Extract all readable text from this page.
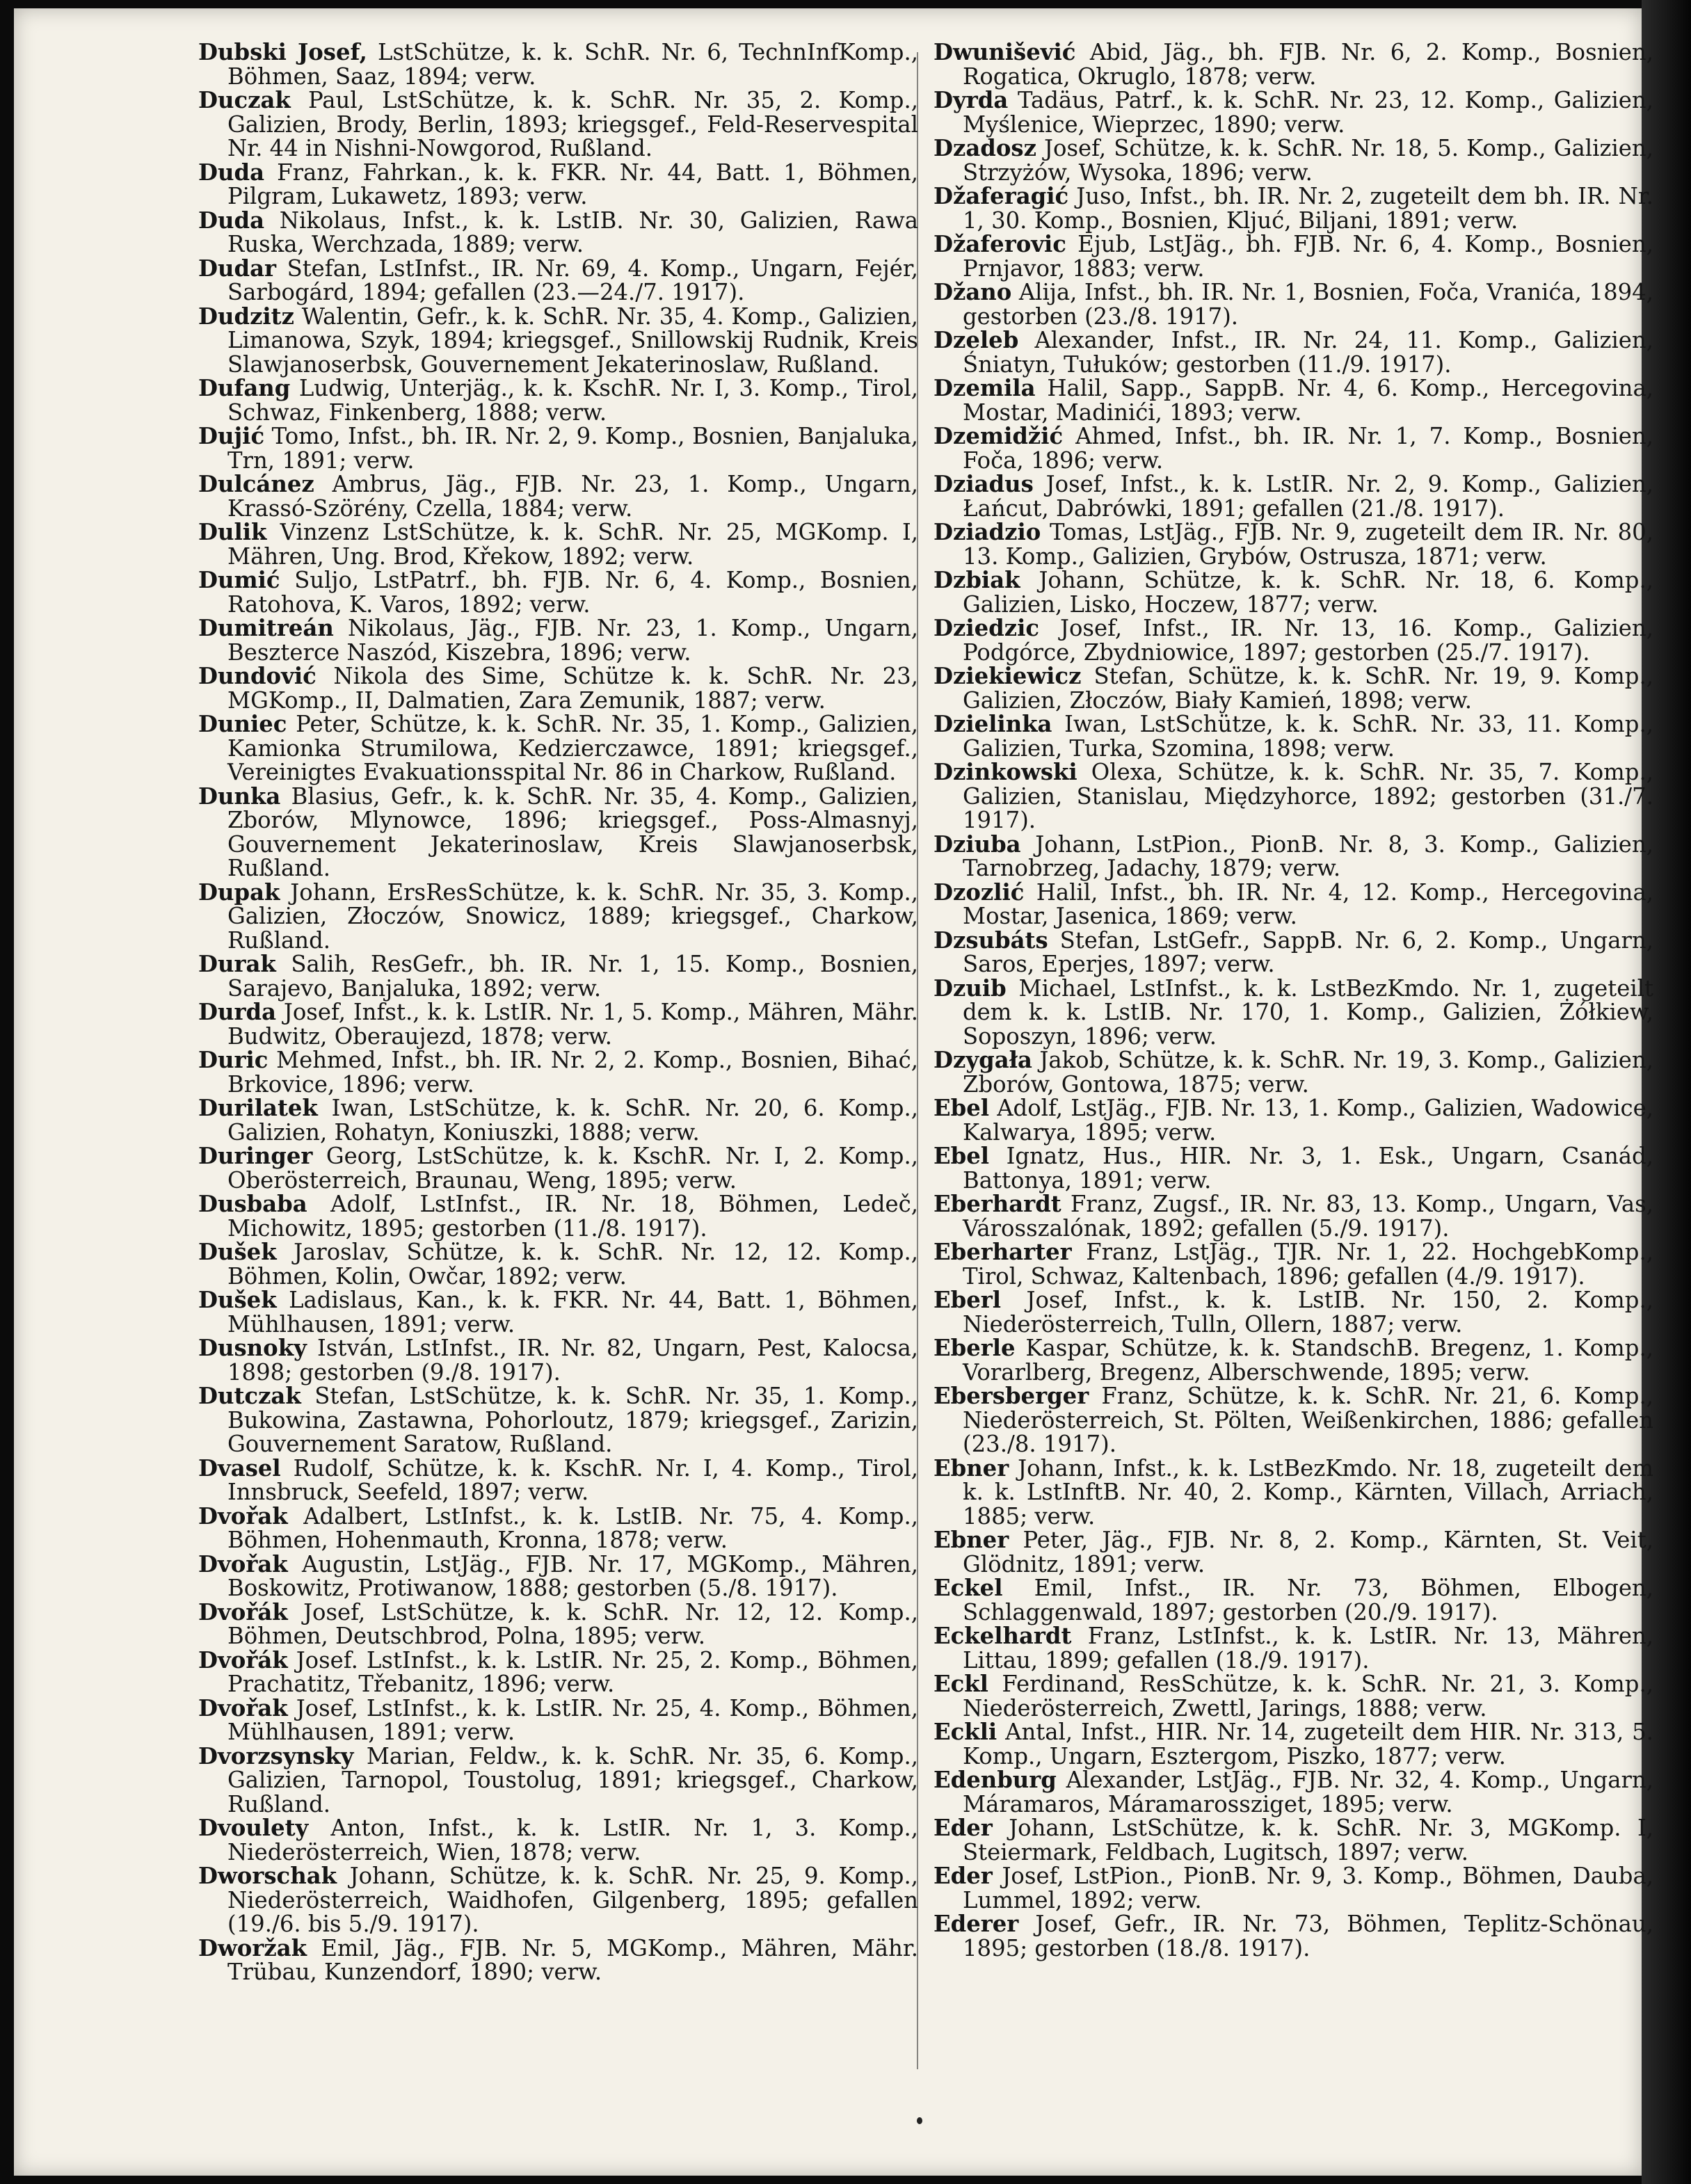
Dubski Josef, LstSchütze, k. k. SchR. Nr. 6, TechnInfKomp., Böhmen, Saaz, 1894; verw.

Duczak Paul, LstSchütze, k. k. SchR. Nr. 35, 2. Komp., Galizien, Brody, Berlin, 1893; kriegsgef., Feld-Reservespital Nr. 44 in Nishni-Nowgorod, Rußland.

Duda Franz, Fahrkan., k. k. FKR. Nr. 44, Batt. 1, Böhmen, Pilgram, Lukawetz, 1893; verw.

Duda Nikolaus, Infst., k. k. LstIB. Nr. 30, Galizien, Rawa Ruska, Werchzada, 1889; verw.

Dudar Stefan, LstInfst., IR. Nr. 69, 4. Komp., Ungarn, Fejér, Sarbogárd, 1894; gefallen (23.—24./7. 1917).

Dudzitz Walentin, Gefr., k. k. SchR. Nr. 35, 4. Komp., Galizien, Limanowa, Szyk, 1894; kriegsgef., Snillowskij Rudnik, Kreis Slawjanoserbsk, Gouvernement Jekaterinoslaw, Rußland.

Dufang Ludwig, Unterjäg., k. k. KschR. Nr. I, 3. Komp., Tirol, Schwaz, Finkenberg, 1888; verw.

Dujić Tomo, Infst., bh. IR. Nr. 2, 9. Komp., Bosnien, Banjaluka, Trn, 1891; verw.

Dulcánez Ambrus, Jäg., FJB. Nr. 23, 1. Komp., Ungarn, Krassó-Szörény, Czella, 1884; verw.

Dulik Vinzenz LstSchütze, k. k. SchR. Nr. 25, MGKomp. I, Mähren, Ung. Brod, Křekow, 1892; verw.

Dumić Suljo, LstPatrf., bh. FJB. Nr. 6, 4. Komp., Bosnien, Ratohova, K. Varos, 1892; verw.

Dumitreán Nikolaus, Jäg., FJB. Nr. 23, 1. Komp., Ungarn, Beszterce Naszód, Kiszebra, 1896; verw.

Dundović Nikola des Sime, Schütze k. k. SchR. Nr. 23, MGKomp., II, Dalmatien, Zara Zemunik, 1887; verw.

Duniec Peter, Schütze, k. k. SchR. Nr. 35, 1. Komp., Galizien, Kamionka Strumilowa, Kedzierczawce, 1891; kriegsgef., Vereinigtes Evakuationsspital Nr. 86 in Charkow, Rußland.

Dunka Blasius, Gefr., k. k. SchR. Nr. 35, 4. Komp., Galizien, Zborów, Mlynowce, 1896; kriegsgef., Poss-Almasnyj, Gouvernement Jekaterinoslaw, Kreis Slawjanoserbsk, Rußland.

Dupak Johann, ErsResSchütze, k. k. SchR. Nr. 35, 3. Komp., Galizien, Złoczów, Snowicz, 1889; kriegsgef., Charkow, Rußland.

Durak Salih, ResGefr., bh. IR. Nr. 1, 15. Komp., Bosnien, Sarajevo, Banjaluka, 1892; verw.

Durda Josef, Infst., k. k. LstIR. Nr. 1, 5. Komp., Mähren, Mähr. Budwitz, Oberaujezd, 1878; verw.

Duric Mehmed, Infst., bh. IR. Nr. 2, 2. Komp., Bosnien, Bihać, Brkovice, 1896; verw.

Durilatek Iwan, LstSchütze, k. k. SchR. Nr. 20, 6. Komp., Galizien, Rohatyn, Koniuszki, 1888; verw.

Duringer Georg, LstSchütze, k. k. KschR. Nr. I, 2. Komp., Oberösterreich, Braunau, Weng, 1895; verw.

Dusbaba Adolf, LstInfst., IR. Nr. 18, Böhmen, Ledeč, Michowitz, 1895; gestorben (11./8. 1917).

Dušek Jaroslav, Schütze, k. k. SchR. Nr. 12, 12. Komp., Böhmen, Kolin, Owčar, 1892; verw.

Dušek Ladislaus, Kan., k. k. FKR. Nr. 44, Batt. 1, Böhmen, Mühlhausen, 1891; verw.

Dusnoky István, LstInfst., IR. Nr. 82, Ungarn, Pest, Kalocsa, 1898; gestorben (9./8. 1917).

Dutczak Stefan, LstSchütze, k. k. SchR. Nr. 35, 1. Komp., Bukowina, Zastawna, Pohorloutz, 1879; kriegsgef., Zarizin, Gouvernement Saratow, Rußland.

Dvasel Rudolf, Schütze, k. k. KschR. Nr. I, 4. Komp., Tirol, Innsbruck, Seefeld, 1897; verw.

Dvořak Adalbert, LstInfst., k. k. LstIB. Nr. 75, 4. Komp., Böhmen, Hohenmauth, Kronna, 1878; verw.

Dvořak Augustin, LstJäg., FJB. Nr. 17, MGKomp., Mähren, Boskowitz, Protiwanow, 1888; gestorben (5./8. 1917).

Dvořák Josef, LstSchütze, k. k. SchR. Nr. 12, 12. Komp., Böhmen, Deutschbrod, Polna, 1895; verw.

Dvořák Josef. LstInfst., k. k. LstIR. Nr. 25, 2. Komp., Böhmen, Prachatitz, Třebanitz, 1896; verw.

Dvořak Josef, LstInfst., k. k. LstIR. Nr. 25, 4. Komp., Böhmen, Mühlhausen, 1891; verw.

Dvorzsynsky Marian, Feldw., k. k. SchR. Nr. 35, 6. Komp., Galizien, Tarnopol, Toustolug, 1891; kriegsgef., Charkow, Rußland.

Dvoulety Anton, Infst., k. k. LstIR. Nr. 1, 3. Komp., Niederösterreich, Wien, 1878; verw.

Dworschak Johann, Schütze, k. k. SchR. Nr. 25, 9. Komp., Niederösterreich, Waidhofen, Gilgenberg, 1895; gefallen (19./6. bis 5./9. 1917).

Dworžak Emil, Jäg., FJB. Nr. 5, MGKomp., Mähren, Mähr. Trübau, Kunzendorf, 1890; verw.

Dwunišević Abid, Jäg., bh. FJB. Nr. 6, 2. Komp., Bosnien, Rogatica, Okruglo, 1878; verw.

Dyrda Tadäus, Patrf., k. k. SchR. Nr. 23, 12. Komp., Galizien, Myślenice, Wieprzec, 1890; verw.

Dzadosz Josef, Schütze, k. k. SchR. Nr. 18, 5. Komp., Galizien, Strzyżów, Wysoka, 1896; verw.

Džaferagić Juso, Infst., bh. IR. Nr. 2, zugeteilt dem bh. IR. Nr. 1, 30. Komp., Bosnien, Kljuć, Biljani, 1891; verw.

Džaferovic Ejub, LstJäg., bh. FJB. Nr. 6, 4. Komp., Bosnien, Prnjavor, 1883; verw.

Džano Alija, Infst., bh. IR. Nr. 1, Bosnien, Foča, Vranića, 1894, gestorben (23./8. 1917).

Dzeleb Alexander, Infst., IR. Nr. 24, 11. Komp., Galizien, Śniatyn, Tułuków; gestorben (11./9. 1917).

Dzemila Halil, Sapp., SappB. Nr. 4, 6. Komp., Hercegovina, Mostar, Madinići, 1893; verw.

Dzemidžić Ahmed, Infst., bh. IR. Nr. 1, 7. Komp., Bosnien, Foča, 1896; verw.

Dziadus Josef, Infst., k. k. LstIR. Nr. 2, 9. Komp., Galizien, Łańcut, Dabrówki, 1891; gefallen (21./8. 1917).

Dziadzio Tomas, LstJäg., FJB. Nr. 9, zugeteilt dem IR. Nr. 80, 13. Komp., Galizien, Grybów, Ostrusza, 1871; verw.

Dzbiak Johann, Schütze, k. k. SchR. Nr. 18, 6. Komp., Galizien, Lisko, Hoczew, 1877; verw.

Dziedzic Josef, Infst., IR. Nr. 13, 16. Komp., Galizien, Podgórce, Zbydniowice, 1897; gestorben (25./7. 1917).

Dziekiewicz Stefan, Schütze, k. k. SchR. Nr. 19, 9. Komp., Galizien, Złoczów, Biały Kamień, 1898; verw.

Dzielinka Iwan, LstSchütze, k. k. SchR. Nr. 33, 11. Komp., Galizien, Turka, Szomina, 1898; verw.

Dzinkowski Olexa, Schütze, k. k. SchR. Nr. 35, 7. Komp., Galizien, Stanislau, Międzyhorce, 1892; gestorben (31./7. 1917).

Dziuba Johann, LstPion., PionB. Nr. 8, 3. Komp., Galizien, Tarnobrzeg, Jadachy, 1879; verw.

Dzozlić Halil, Infst., bh. IR. Nr. 4, 12. Komp., Hercegovina, Mostar, Jasenica, 1869; verw.

Dzsubáts Stefan, LstGefr., SappB. Nr. 6, 2. Komp., Ungarn, Saros, Eperjes, 1897; verw.

Dzuib Michael, LstInfst., k. k. LstBezKmdo. Nr. 1, zugeteilt dem k. k. LstIB. Nr. 170, 1. Komp., Galizien, Żółkiew, Soposzyn, 1896; verw.

Dzygała Jakob, Schütze, k. k. SchR. Nr. 19, 3. Komp., Galizien, Zborów, Gontowa, 1875; verw.

Ebel Adolf, LstJäg., FJB. Nr. 13, 1. Komp., Galizien, Wadowice, Kalwarya, 1895; verw.

Ebel Ignatz, Hus., HIR. Nr. 3, 1. Esk., Ungarn, Csanád, Battonya, 1891; verw.

Eberhardt Franz, Zugsf., IR. Nr. 83, 13. Komp., Ungarn, Vas, Városszalónak, 1892; gefallen (5./9. 1917).

Eberharter Franz, LstJäg., TJR. Nr. 1, 22. HochgebKomp., Tirol, Schwaz, Kaltenbach, 1896; gefallen (4./9. 1917).

Eberl Josef, Infst., k. k. LstIB. Nr. 150, 2. Komp., Niederösterreich, Tulln, Ollern, 1887; verw.

Eberle Kaspar, Schütze, k. k. StandschB. Bregenz, 1. Komp., Vorarlberg, Bregenz, Alberschwende, 1895; verw.

Ebersberger Franz, Schütze, k. k. SchR. Nr. 21, 6. Komp., Niederösterreich, St. Pölten, Weißenkirchen, 1886; gefallen (23./8. 1917).

Ebner Johann, Infst., k. k. LstBezKmdo. Nr. 18, zugeteilt dem k. k. LstInftB. Nr. 40, 2. Komp., Kärnten, Villach, Arriach, 1885; verw.

Ebner Peter, Jäg., FJB. Nr. 8, 2. Komp., Kärnten, St. Veit, Glödnitz, 1891; verw.

Eckel Emil, Infst., IR. Nr. 73, Böhmen, Elbogen, Schlaggenwald, 1897; gestorben (20./9. 1917).

Eckelhardt Franz, LstInfst., k. k. LstIR. Nr. 13, Mähren, Littau, 1899; gefallen (18./9. 1917).

Eckl Ferdinand, ResSchütze, k. k. SchR. Nr. 21, 3. Komp., Niederösterreich, Zwettl, Jarings, 1888; verw.

Eckli Antal, Infst., HIR. Nr. 14, zugeteilt dem HIR. Nr. 313, 5. Komp., Ungarn, Esztergom, Piszko, 1877; verw.

Edenburg Alexander, LstJäg., FJB. Nr. 32, 4. Komp., Ungarn, Máramaros, Máramarossziget, 1895; verw.

Eder Johann, LstSchütze, k. k. SchR. Nr. 3, MGKomp. I, Steiermark, Feldbach, Lugitsch, 1897; verw.

Eder Josef, LstPion., PionB. Nr. 9, 3. Komp., Böhmen, Dauba, Lummel, 1892; verw.

Ederer Josef, Gefr., IR. Nr. 73, Böhmen, Teplitz-Schönau, 1895; gestorben (18./8. 1917).
